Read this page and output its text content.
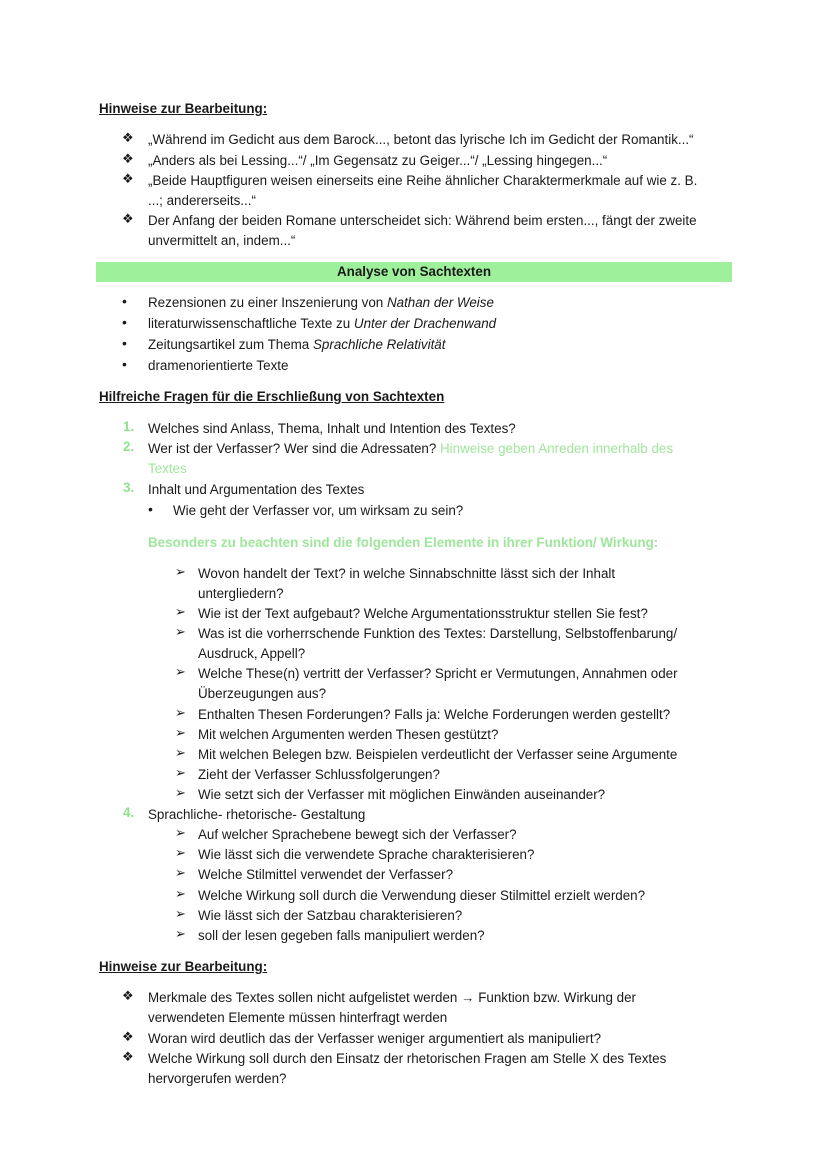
Hinweise zur Bearbeitung:
❖ „Während im Gedicht aus dem Barock..., betont das lyrische Ich im Gedicht der Romantik...“
❖ „Anders als bei Lessing...“/ „Im Gegensatz zu Geiger...“/ „Lessing hingegen...“
❖ „Beide Hauptfiguren weisen einerseits eine Reihe ähnlicher Charaktermerkmale auf wie z. B.
...; andererseits...“
❖ Der Anfang der beiden Romane unterscheidet sich: Während beim ersten..., fängt der zweite
unvermittelt an, indem...“
Analyse von Sachtexten
• Rezensionen zu einer Inszenierung von Nathan der Weise
• literaturwissenschaftliche Texte zu Unter der Drachenwand
• Zeitungsartikel zum Thema Sprachliche Relativität
• dramenorientierte Texte
Hilfreiche Fragen für die Erschließung von Sachtexten
1. Welches sind Anlass, Thema, Inhalt und Intention des Textes?
2. Wer ist der Verfasser? Wer sind die Adressaten? Hinweise geben Anreden innerhalb des
Textes
3. Inhalt und Argumentation des Textes
• Wie geht der Verfasser vor, um wirksam zu sein?
Besonders zu beachten sind die folgenden Elemente in ihrer Funktion/ Wirkung:
➢ Wovon handelt der Text? in welche Sinnabschnitte lässt sich der Inhalt
untergliedern?
➢ Wie ist der Text aufgebaut? Welche Argumentationsstruktur stellen Sie fest?
➢ Was ist die vorherrschende Funktion des Textes: Darstellung, Selbstoffenbarung/
Ausdruck, Appell?
➢ Welche These(n) vertritt der Verfasser? Spricht er Vermutungen, Annahmen oder
Überzeugungen aus?
➢ Enthalten Thesen Forderungen? Falls ja: Welche Forderungen werden gestellt?
➢ Mit welchen Argumenten werden Thesen gestützt?
➢ Mit welchen Belegen bzw. Beispielen verdeutlicht der Verfasser seine Argumente
➢ Zieht der Verfasser Schlussfolgerungen?
➢ Wie setzt sich der Verfasser mit möglichen Einwänden auseinander?
4. Sprachliche- rhetorische- Gestaltung
➢ Auf welcher Sprachebene bewegt sich der Verfasser?
➢ Wie lässt sich die verwendete Sprache charakterisieren?
➢ Welche Stilmittel verwendet der Verfasser?
➢ Welche Wirkung soll durch die Verwendung dieser Stilmittel erzielt werden?
➢ Wie lässt sich der Satzbau charakterisieren?
➢ soll der lesen gegeben falls manipuliert werden?
Hinweise zur Bearbeitung:
❖ Merkmale des Textes sollen nicht aufgelistet werden → Funktion bzw. Wirkung der
verwendeten Elemente müssen hinterfragt werden
❖ Woran wird deutlich das der Verfasser weniger argumentiert als manipuliert?
❖ Welche Wirkung soll durch den Einsatz der rhetorischen Fragen am Stelle X des Textes
hervorgerufen werden?
